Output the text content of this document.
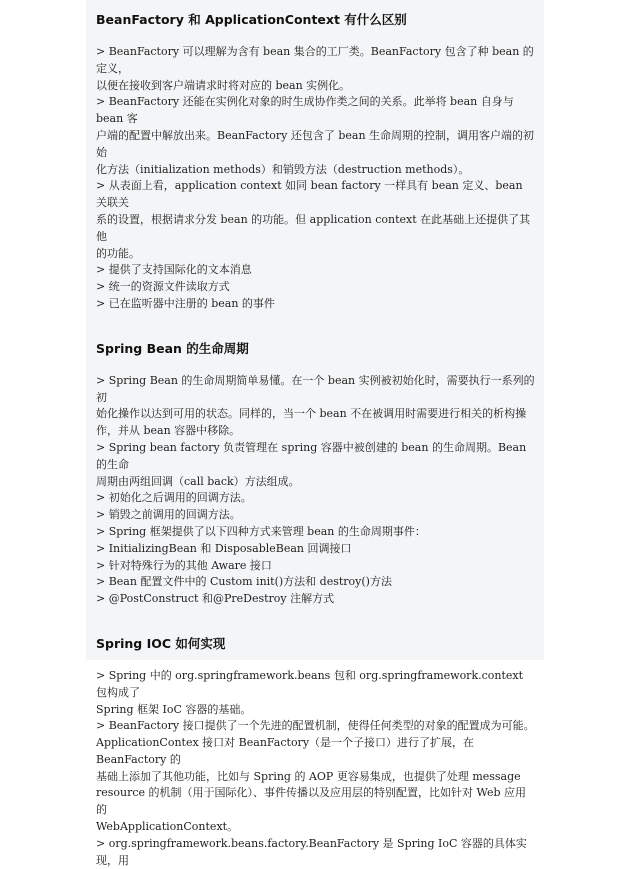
BeanFactory 和 ApplicationContext 有什么区别

> BeanFactory 可以理解为含有 bean 集合的工厂类。BeanFactory 包含了种 bean 的定义，

以便在接收到客户端请求时将对应的 bean 实例化。

> BeanFactory 还能在实例化对象的时生成协作类之间的关系。此举将 bean 自身与 bean 客

户端的配置中解放出来。BeanFactory 还包含了 bean 生命周期的控制，调用客户端的初始

化方法（initialization methods）和销毁方法（destruction methods）。

> 从表面上看，application context 如同 bean factory 一样具有 bean 定义、bean 关联关

系的设置，根据请求分发 bean 的功能。但 application context 在此基础上还提供了其他

的功能。

> 提供了支持国际化的文本消息

> 统一的资源文件读取方式

> 已在监听器中注册的 bean 的事件

Spring Bean 的生命周期

> Spring Bean 的生命周期简单易懂。在一个 bean 实例被初始化时，需要执行一系列的初

始化操作以达到可用的状态。同样的，当一个 bean 不在被调用时需要进行相关的析构操

作，并从 bean 容器中移除。

> Spring bean factory 负责管理在 spring 容器中被创建的 bean 的生命周期。Bean 的生命

周期由两组回调（call back）方法组成。

> 初始化之后调用的回调方法。

> 销毁之前调用的回调方法。

> Spring 框架提供了以下四种方式来管理 bean 的生命周期事件：

> InitializingBean 和 DisposableBean 回调接口

> 针对特殊行为的其他 Aware 接口

> Bean 配置文件中的 Custom init()方法和 destroy()方法

> @PostConstruct 和@PreDestroy 注解方式

Spring IOC 如何实现

> Spring 中的 org.springframework.beans 包和 org.springframework.context 包构成了

Spring 框架 IoC 容器的基础。

> BeanFactory 接口提供了一个先进的配置机制，使得任何类型的对象的配置成为可能。

ApplicationContex 接口对 BeanFactory（是一个子接口）进行了扩展，在 BeanFactory 的

基础上添加了其他功能，比如与 Spring 的 AOP 更容易集成，也提供了处理 message

resource 的机制（用于国际化）、事件传播以及应用层的特别配置，比如针对 Web 应用的

WebApplicationContext。

> org.springframework.beans.factory.BeanFactory 是 Spring IoC 容器的具体实现，用
